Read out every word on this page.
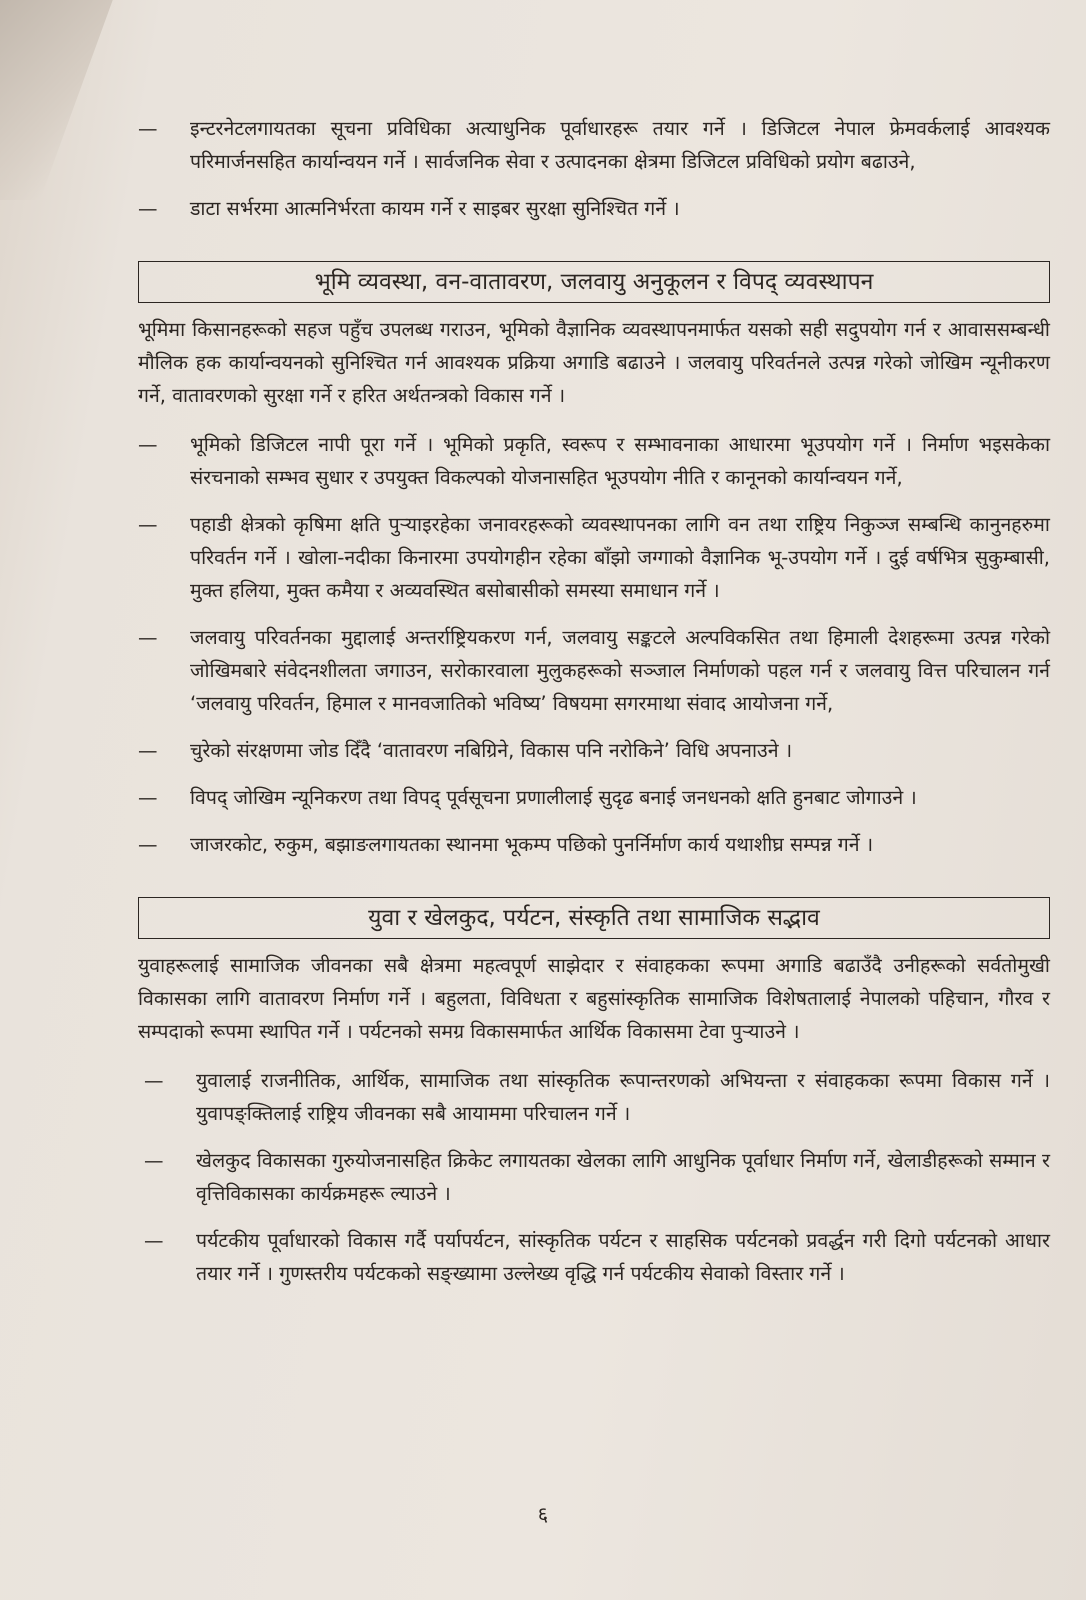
—	इन्टरनेटलगायतका सूचना प्रविधिका अत्याधुनिक पूर्वाधारहरू तयार गर्ने । डिजिटल नेपाल फ्रेमवर्कलाई आवश्यक परिमार्जनसहित कार्यान्वयन गर्ने । सार्वजनिक सेवा र उत्पादनका क्षेत्रमा डिजिटल प्रविधिको प्रयोग बढाउने,
—	डाटा सर्भरमा आत्मनिर्भरता कायम गर्ने र साइबर सुरक्षा सुनिश्चित गर्ने ।
भूमि व्यवस्था, वन-वातावरण, जलवायु अनुकूलन र विपद् व्यवस्थापन
भूमिमा किसानहरूको सहज पहुँच उपलब्ध गराउन, भूमिको वैज्ञानिक व्यवस्थापनमार्फत यसको सही सदुपयोग गर्न र आवाससम्बन्धी मौलिक हक कार्यान्वयनको सुनिश्चित गर्न आवश्यक प्रक्रिया अगाडि बढाउने । जलवायु परिवर्तनले उत्पन्न गरेको जोखिम न्यूनीकरण गर्ने, वातावरणको सुरक्षा गर्ने र हरित अर्थतन्त्रको विकास गर्ने ।
—	भूमिको डिजिटल नापी पूरा गर्ने । भूमिको प्रकृति, स्वरूप र सम्भावनाका आधारमा भूउपयोग गर्ने । निर्माण भइसकेका संरचनाको सम्भव सुधार र उपयुक्त विकल्पको योजनासहित भूउपयोग नीति र कानूनको कार्यान्वयन गर्ने,
—	पहाडी क्षेत्रको कृषिमा क्षति पुऱ्याइरहेका जनावरहरूको व्यवस्थापनका लागि वन तथा राष्ट्रिय निकुञ्ज सम्बन्धि कानुनहरुमा परिवर्तन गर्ने । खोला-नदीका किनारमा उपयोगहीन रहेका बाँझो जग्गाको वैज्ञानिक भू-उपयोग गर्ने । दुई वर्षभित्र सुकुम्बासी, मुक्त हलिया, मुक्त कमैया र अव्यवस्थित बसोबासीको समस्या समाधान गर्ने ।
—	जलवायु परिवर्तनका मुद्दालाई अन्तर्राष्ट्रियकरण गर्न, जलवायु सङ्कटले अल्पविकसित तथा हिमाली देशहरूमा उत्पन्न गरेको जोखिमबारे संवेदनशीलता जगाउन, सरोकारवाला मुलुकहरूको सञ्जाल निर्माणको पहल गर्न र जलवायु वित्त परिचालन गर्न ‘जलवायु परिवर्तन, हिमाल र मानवजातिको भविष्य’ विषयमा सगरमाथा संवाद आयोजना गर्ने,
—	चुरेको संरक्षणमा जोड दिँदै ‘वातावरण नबिग्रिने, विकास पनि नरोकिने’ विधि अपनाउने ।
—	विपद् जोखिम न्यूनिकरण तथा विपद् पूर्वसूचना प्रणालीलाई सुदृढ बनाई जनधनको क्षति हुनबाट जोगाउने ।
—	जाजरकोट, रुकुम, बझाङलगायतका स्थानमा भूकम्प पछिको पुनर्निर्माण कार्य यथाशीघ्र सम्पन्न गर्ने ।
युवा र खेलकुद, पर्यटन, संस्कृति तथा सामाजिक सद्भाव
युवाहरूलाई सामाजिक जीवनका सबै क्षेत्रमा महत्वपूर्ण साझेदार र संवाहकका रूपमा अगाडि बढाउँदै उनीहरूको सर्वतोमुखी विकासका लागि वातावरण निर्माण गर्ने । बहुलता, विविधता र बहुसांस्कृतिक सामाजिक विशेषतालाई नेपालको पहिचान, गौरव र सम्पदाको रूपमा स्थापित गर्ने । पर्यटनको समग्र विकासमार्फत आर्थिक विकासमा टेवा पुऱ्याउने ।
—	युवालाई राजनीतिक, आर्थिक, सामाजिक तथा सांस्कृतिक रूपान्तरणको अभियन्ता र संवाहकका रूपमा विकास गर्ने । युवापङ्क्तिलाई राष्ट्रिय जीवनका सबै आयाममा परिचालन गर्ने ।
—	खेलकुद विकासका गुरुयोजनासहित क्रिकेट लगायतका खेलका लागि आधुनिक पूर्वाधार निर्माण गर्ने, खेलाडीहरूको सम्मान र वृत्तिविकासका कार्यक्रमहरू ल्याउने ।
—	पर्यटकीय पूर्वाधारको विकास गर्दै पर्यापर्यटन, सांस्कृतिक पर्यटन र साहसिक पर्यटनको प्रवर्द्धन गरी दिगो पर्यटनको आधार तयार गर्ने । गुणस्तरीय पर्यटकको सङ्ख्यामा उल्लेख्य वृद्धि गर्न पर्यटकीय सेवाको विस्तार गर्ने ।
६
